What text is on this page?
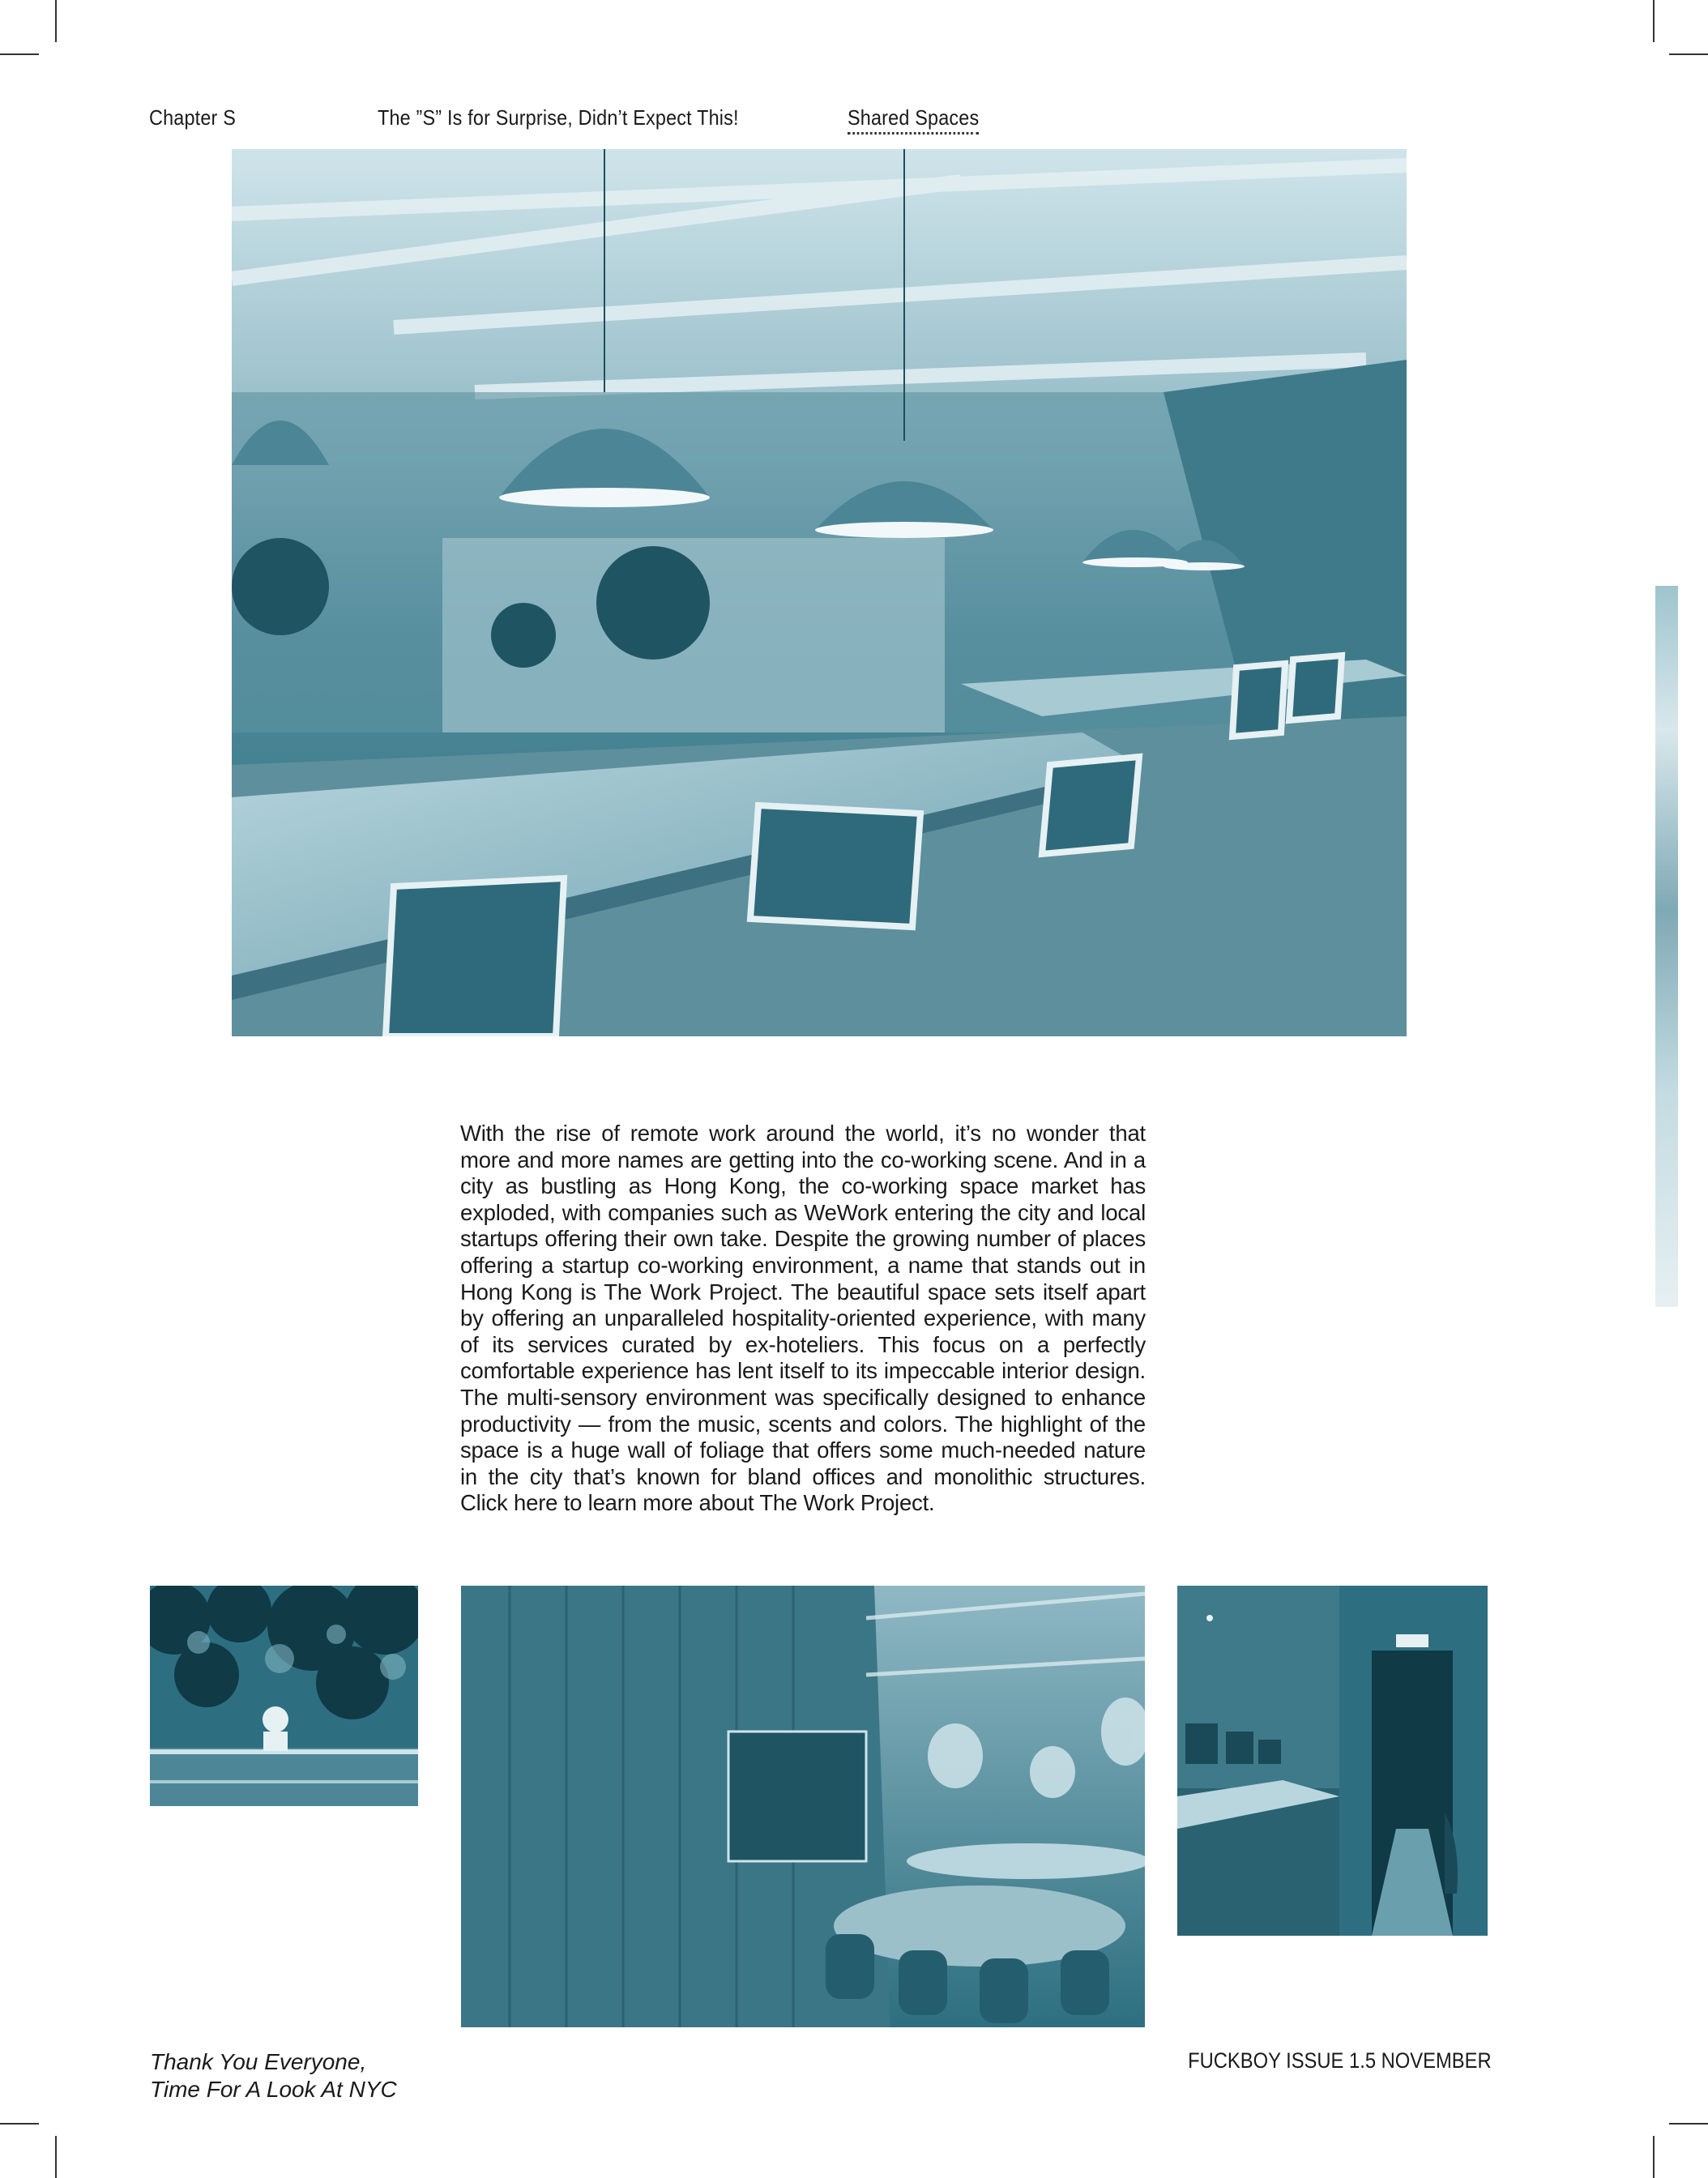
Chapter S	The ”S” Is for Surprise, Didn’t Expect This!	Shared Spaces
With the rise of remote work around the world, it’s no wonder that more and more names are getting into the co-working scene. And in a city as bustling as Hong Kong, the co-working space market has exploded, with companies such as WeWork entering the city and local startups offering their own take. Despite the growing number of places offering a startup co-working environment, a name that stands out in Hong Kong is The Work Project. The beautiful space sets itself apart by offering an unparalleled hospitality-oriented experience, with many of its services curated by ex-hoteliers. This focus on a perfectly comfortable experience has lent itself to its impeccable interior design. The multi-sensory environment was specifically designed to enhance productivity — from the music, scents and colors. The highlight of the space is a huge wall of foliage that offers some much-needed nature in the city that’s known for bland offices and monolithic structures. Click here to learn more about The Work Project.
Thank You Everyone,
Time For A Look At NYC
FUCKBOY ISSUE 1.5 NOVEMBER
